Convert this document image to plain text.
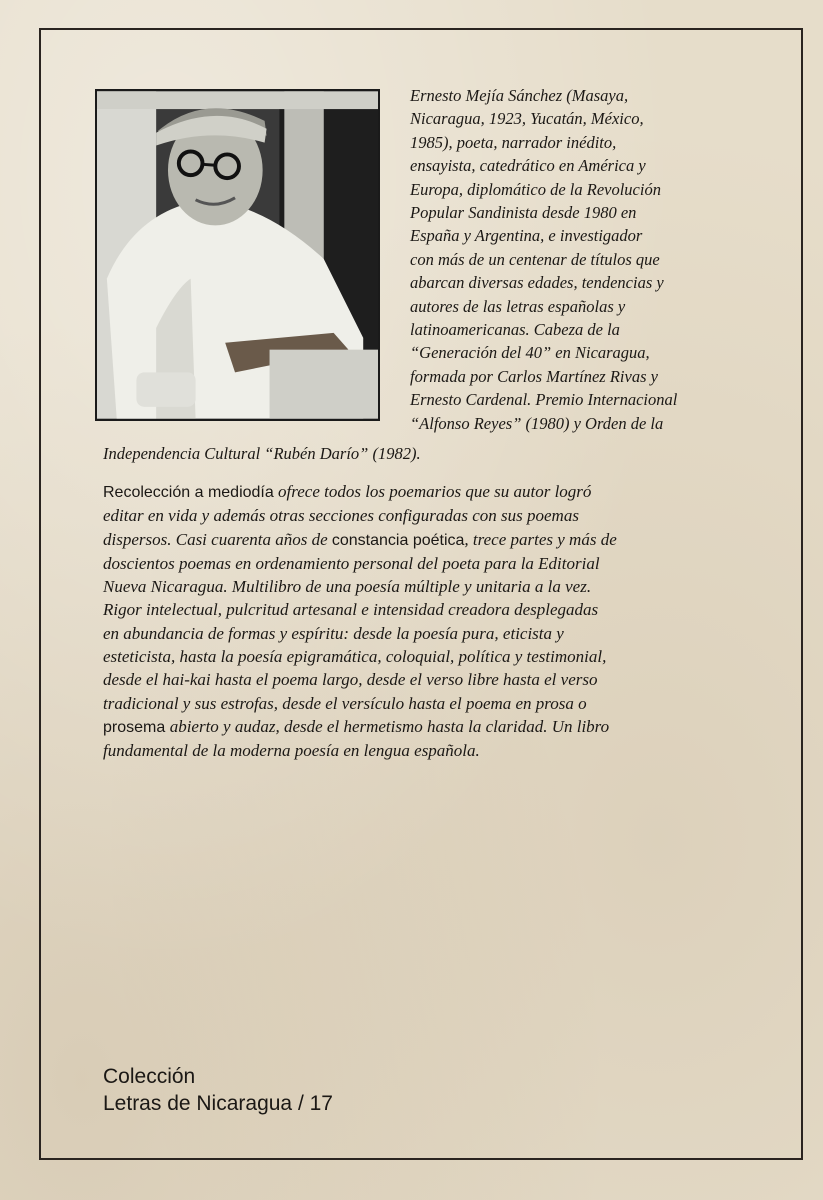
Ernesto Mejía Sánchez (Masaya,
Nicaragua, 1923, Yucatán, México,
1985), poeta, narrador inédito,
ensayista, catedrático en América y
Europa, diplomático de la Revolución
Popular Sandinista desde 1980 en
España y Argentina, e investigador
con más de un centenar de títulos que
abarcan diversas edades, tendencias y
autores de las letras españolas y
latinoamericanas. Cabeza de la
“Generación del 40” en Nicaragua,
formada por Carlos Martínez Rivas y
Ernesto Cardenal. Premio Internacional
“Alfonso Reyes” (1980) y Orden de la
Independencia Cultural “Rubén Darío” (1982).
Recolección a mediodía ofrece todos los poemarios que su autor logró
editar en vida y además otras secciones configuradas con sus poemas
dispersos. Casi cuarenta años de constancia poética, trece partes y más de
doscientos poemas en ordenamiento personal del poeta para la Editorial
Nueva Nicaragua. Multilibro de una poesía múltiple y unitaria a la vez.
Rigor intelectual, pulcritud artesanal e intensidad creadora desplegadas
en abundancia de formas y espíritu: desde la poesía pura, eticista y
esteticista, hasta la poesía epigramática, coloquial, política y testimonial,
desde el hai-kai hasta el poema largo, desde el verso libre hasta el verso
tradicional y sus estrofas, desde el versículo hasta el poema en prosa o
prosema abierto y audaz, desde el hermetismo hasta la claridad. Un libro
fundamental de la moderna poesía en lengua española.
Colección
Letras de Nicaragua / 17
